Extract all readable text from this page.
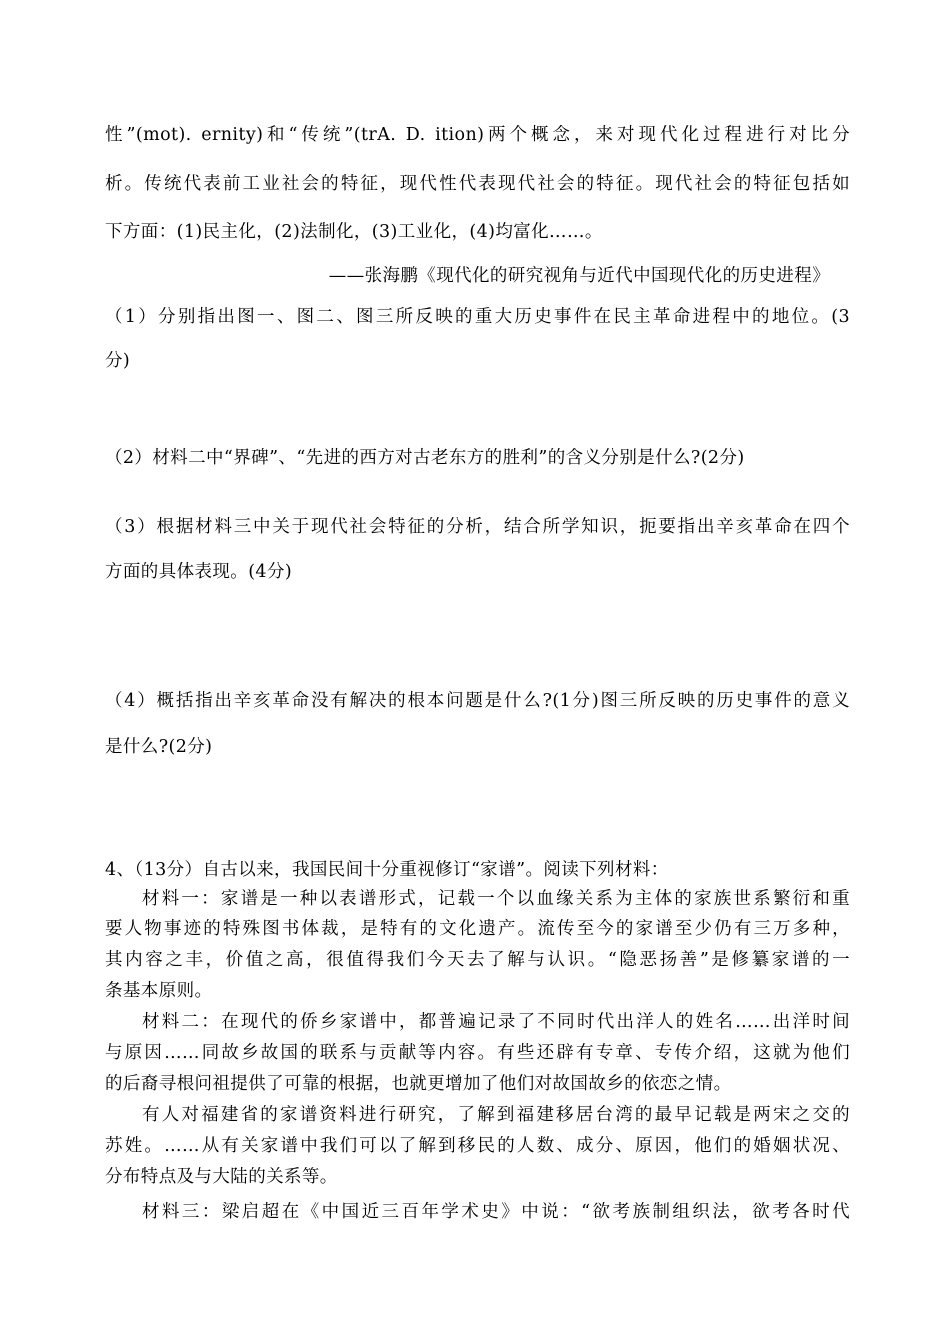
性”(mot). ernity)和“传统”(trA. D. ition)两个概念，来对现代化过程进行对比分
析。传统代表前工业社会的特征，现代性代表现代社会的特征。现代社会的特征包括如
下方面：(1)民主化，(2)法制化，(3)工业化，(4)均富化……。
——张海鹏《现代化的研究视角与近代中国现代化的历史进程》
（1）分别指出图一、图二、图三所反映的重大历史事件在民主革命进程中的地位。(3
分)
（2）材料二中“界碑”、“先进的西方对古老东方的胜利”的含义分别是什么?(2分)
（3）根据材料三中关于现代社会特征的分析，结合所学知识，扼要指出辛亥革命在四个
方面的具体表现。(4分)
（4）概括指出辛亥革命没有解决的根本问题是什么?(1分)图三所反映的历史事件的意义
是什么?(2分)
4、（13分）自古以来，我国民间十分重视修订“家谱”。阅读下列材料：
材料一：家谱是一种以表谱形式，记载一个以血缘关系为主体的家族世系繁衍和重
要人物事迹的特殊图书体裁，是特有的文化遗产。流传至今的家谱至少仍有三万多种，
其内容之丰，价值之高，很值得我们今天去了解与认识。“隐恶扬善”是修纂家谱的一
条基本原则。
材料二：在现代的侨乡家谱中，都普遍记录了不同时代出洋人的姓名……出洋时间
与原因……同故乡故国的联系与贡献等内容。有些还辟有专章、专传介绍，这就为他们
的后裔寻根问祖提供了可靠的根据，也就更增加了他们对故国故乡的依恋之情。
有人对福建省的家谱资料进行研究，了解到福建移居台湾的最早记载是两宋之交的
苏姓。……从有关家谱中我们可以了解到移民的人数、成分、原因，他们的婚姻状况、
分布特点及与大陆的关系等。
材料三：梁启超在《中国近三百年学术史》中说：“欲考族制组织法，欲考各时代
